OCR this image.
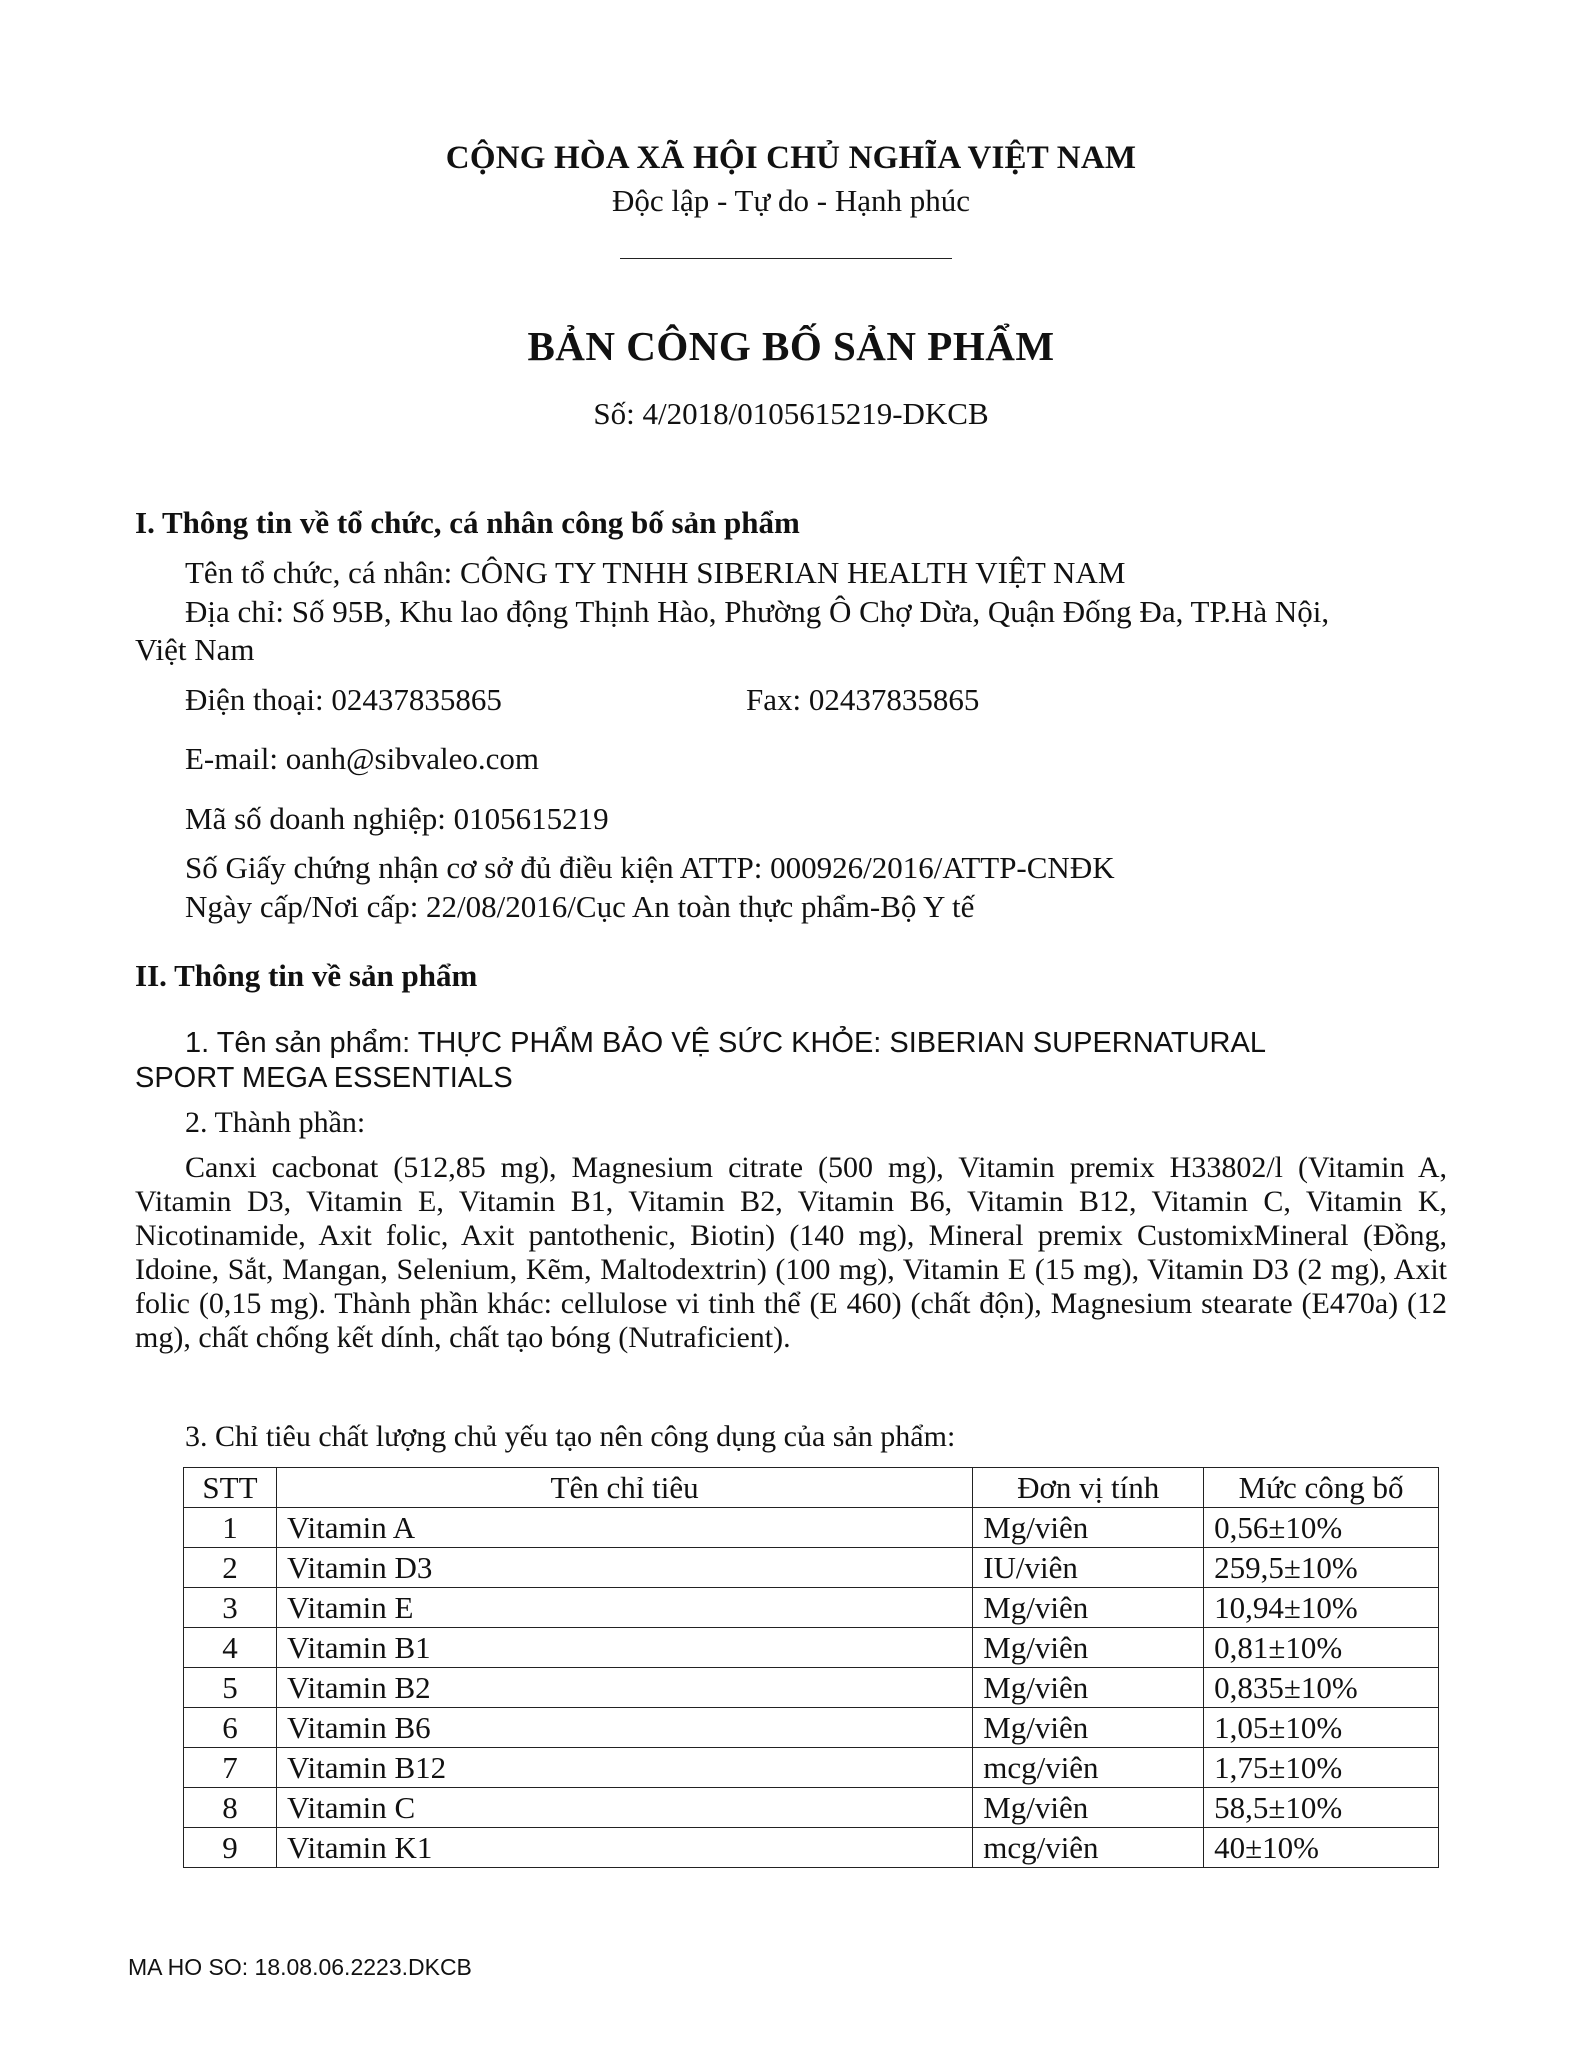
CỘNG HÒA XÃ HỘI CHỦ NGHĨA VIỆT NAM
Độc lập - Tự do - Hạnh phúc
BẢN CÔNG BỐ SẢN PHẨM
Số: 4/2018/0105615219-DKCB
I. Thông tin về tổ chức, cá nhân công bố sản phẩm
Tên tổ chức, cá nhân: CÔNG TY TNHH SIBERIAN HEALTH VIỆT NAM
Địa chỉ: Số 95B, Khu lao động Thịnh Hào, Phường Ô Chợ Dừa, Quận Đống Đa, TP.Hà Nội,
Việt Nam
Điện thoại: 02437835865	Fax: 02437835865
E-mail: oanh@sibvaleo.com
Mã số doanh nghiệp: 0105615219
Số Giấy chứng nhận cơ sở đủ điều kiện ATTP: 000926/2016/ATTP-CNĐK
Ngày cấp/Nơi cấp: 22/08/2016/Cục An toàn thực phẩm-Bộ Y tế
II. Thông tin về sản phẩm
1. Tên sản phẩm: THỰC PHẨM BẢO VỆ SỨC KHỎE: SIBERIAN SUPERNATURAL
SPORT MEGA ESSENTIALS
2. Thành phần:
Canxi cacbonat (512,85 mg), Magnesium citrate (500 mg), Vitamin premix H33802/l (Vitamin A, Vitamin D3, Vitamin E, Vitamin B1, Vitamin B2, Vitamin B6, Vitamin B12, Vitamin C, Vitamin K, Nicotinamide, Axit folic, Axit pantothenic, Biotin) (140 mg), Mineral premix CustomixMineral (Đồng, Idoine, Sắt, Mangan, Selenium, Kẽm, Maltodextrin) (100 mg), Vitamin E (15 mg), Vitamin D3 (2 mg), Axit folic (0,15 mg). Thành phần khác: cellulose vi tinh thể (E 460) (chất độn), Magnesium stearate (E470a) (12 mg), chất chống kết dính, chất tạo bóng (Nutraficient).
3. Chỉ tiêu chất lượng chủ yếu tạo nên công dụng của sản phẩm:
STT	Tên chỉ tiêu	Đơn vị tính	Mức công bố
1	Vitamin A	Mg/viên	0,56±10%
2	Vitamin D3	IU/viên	259,5±10%
3	Vitamin E	Mg/viên	10,94±10%
4	Vitamin B1	Mg/viên	0,81±10%
5	Vitamin B2	Mg/viên	0,835±10%
6	Vitamin B6	Mg/viên	1,05±10%
7	Vitamin B12	mcg/viên	1,75±10%
8	Vitamin C	Mg/viên	58,5±10%
9	Vitamin K1	mcg/viên	40±10%
MA HO SO: 18.08.06.2223.DKCB
